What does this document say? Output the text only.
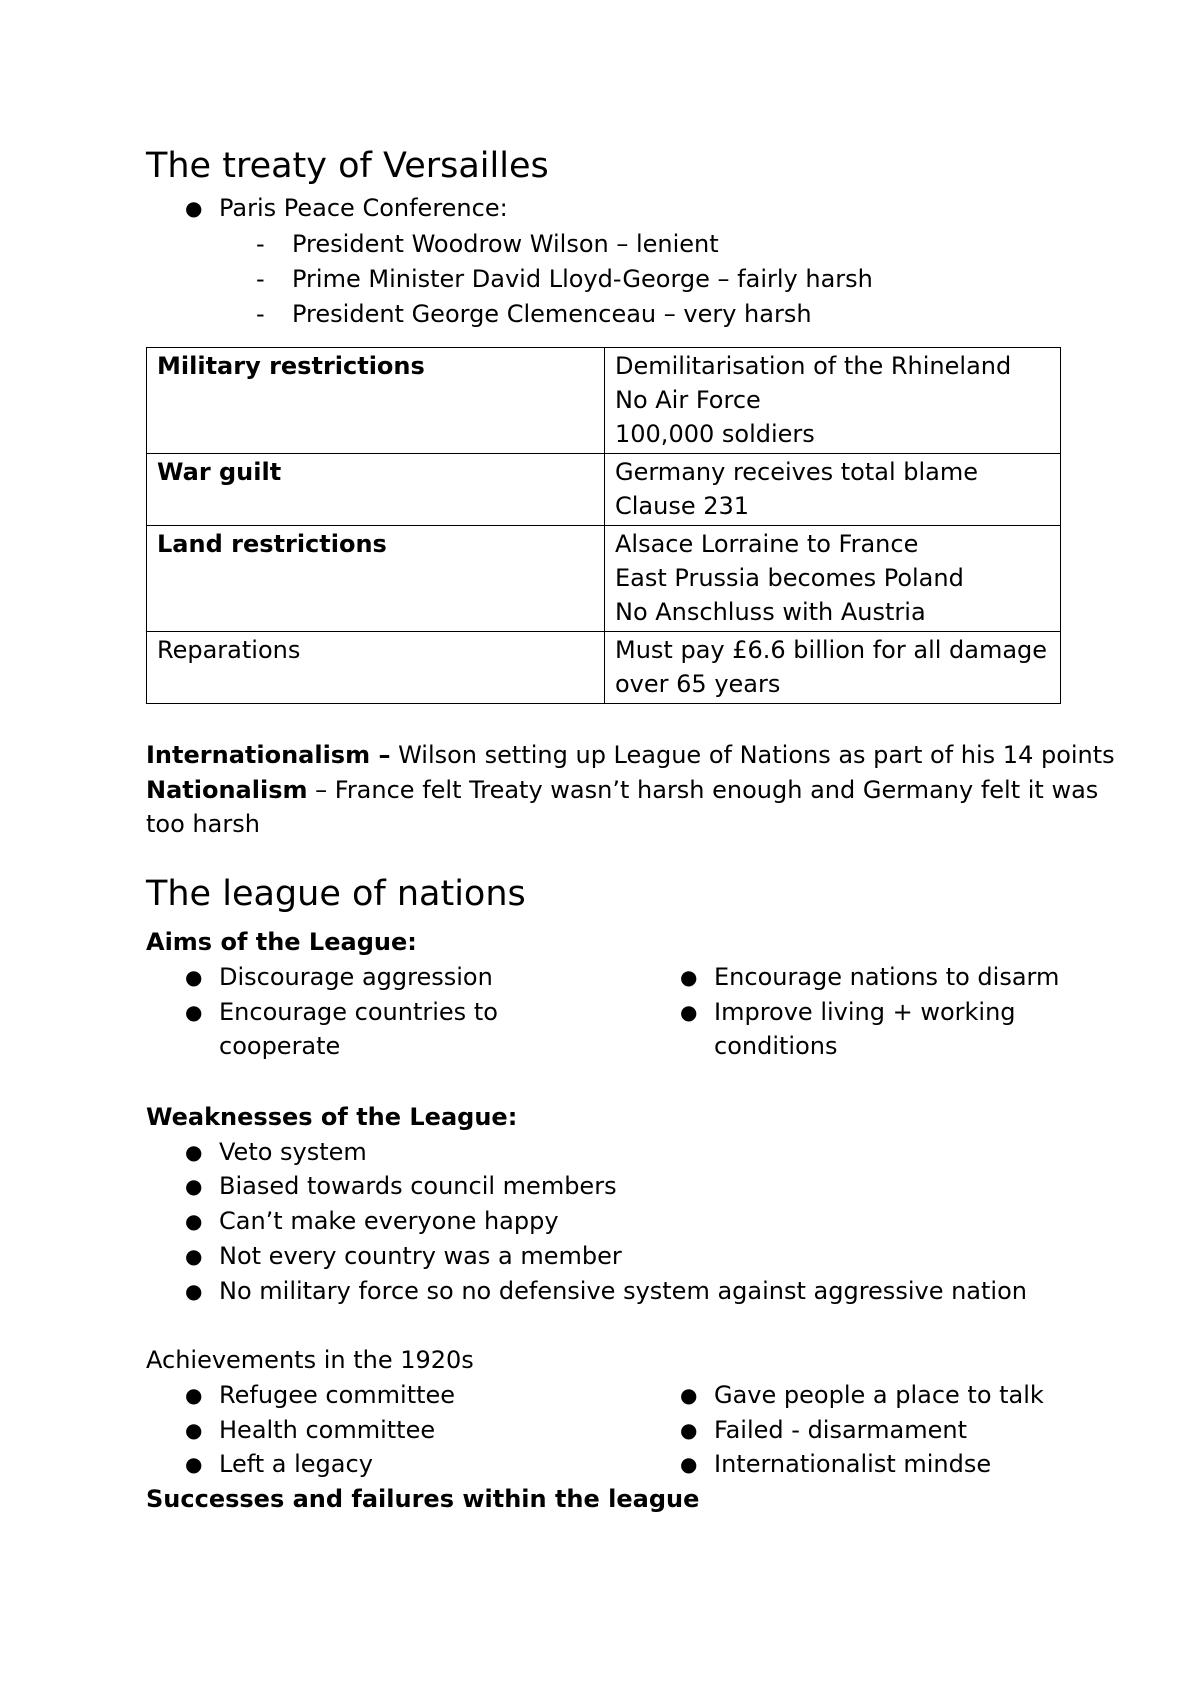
The treaty of Versailles
● Paris Peace Conference:
- President Woodrow Wilson – lenient
- Prime Minister David Lloyd-George – fairly harsh
- President George Clemenceau – very harsh
Military restrictions	Demilitarisation of the Rhineland
No Air Force
100,000 soldiers

War guilt	Germany receives total blame
Clause 231

Land restrictions	Alsace Lorraine to France
East Prussia becomes Poland
No Anschluss with Austria

Reparations	Must pay £6.6 billion for all damage
over 65 years
Internationalism – Wilson setting up League of Nations as part of his 14 points
Nationalism – France felt Treaty wasn’t harsh enough and Germany felt it was
too harsh
The league of nations
Aims of the League:
● Discourage aggression
● Encourage countries to
cooperate
● Encourage nations to disarm
● Improve living + working
conditions
Weaknesses of the League:
● Veto system
● Biased towards council members
● Can’t make everyone happy
● Not every country was a member
● No military force so no defensive system against aggressive nation
Achievements in the 1920s
● Refugee committee
● Health committee
● Left a legacy
● Gave people a place to talk
● Failed - disarmament
● Internationalist mindse
Successes and failures within the league
